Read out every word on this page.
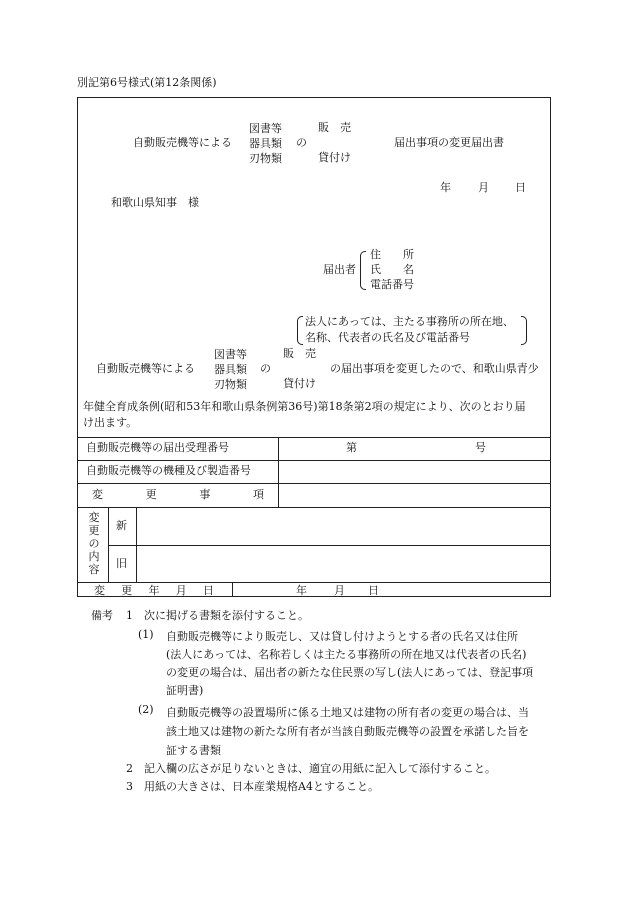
別記第6号様式(第12条関係)
自動販売機等による
図書等
器具類
刃物類
の
販　売
貸付け
届出事項の変更届出書
年 月 日
和歌山県知事　様
届出者
住　　所
氏　　名
電話番号
法人にあっては、主たる事務所の所在地、
名称、代表者の氏名及び電話番号
自動販売機等による
図書等
器具類
刃物類
の
販　売
貸付け
の届出事項を変更したので、和歌山県青少
年健全育成条例(昭和53年和歌山県条例第36号)第18条第2項の規定により、次のとおり届
け出ます。
自動販売機等の届出受理番号	第	号
自動販売機等の機種及び製造番号
変	更	事	項
変
更
の
内
容
新
旧
変 更 年 月 日	年 月 日
備考 1 次に掲げる書類を添付すること。
(1) 自動販売機等により販売し、又は貸し付けようとする者の氏名又は住所
(法人にあっては、名称若しくは主たる事務所の所在地又は代表者の氏名)
の変更の場合は、届出者の新たな住民票の写し(法人にあっては、登記事項
証明書)
(2) 自動販売機等の設置場所に係る土地又は建物の所有者の変更の場合は、当
該土地又は建物の新たな所有者が当該自動販売機等の設置を承諾した旨を
証する書類
2 記入欄の広さが足りないときは、適宜の用紙に記入して添付すること。
3 用紙の大きさは、日本産業規格A4とすること。
